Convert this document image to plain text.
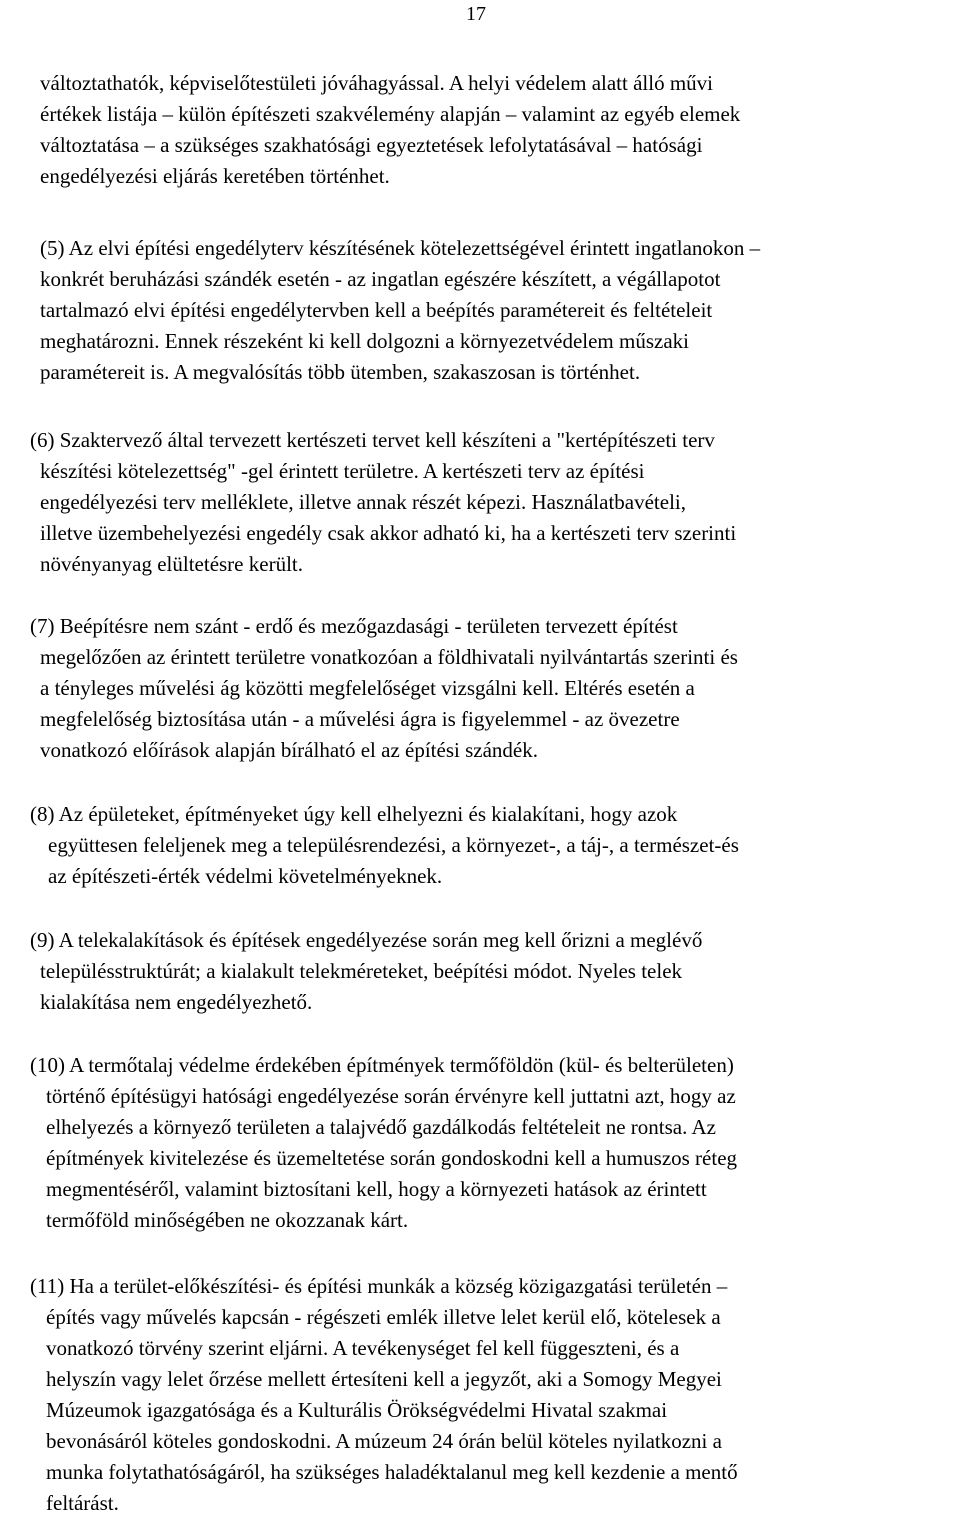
17
változtathatók, képviselőtestületi jóváhagyással. A helyi védelem alatt álló művi
értékek listája – külön építészeti szakvélemény alapján – valamint az egyéb elemek
változtatása – a szükséges szakhatósági egyeztetések lefolytatásával – hatósági
engedélyezési eljárás keretében történhet.
(5) Az elvi építési engedélyterv készítésének kötelezettségével érintett ingatlanokon –
konkrét beruházási szándék esetén - az ingatlan egészére készített, a végállapotot
tartalmazó elvi építési engedélytervben kell a beépítés paramétereit és feltételeit
meghatározni. Ennek részeként ki kell dolgozni a környezetvédelem műszaki
paramétereit is. A megvalósítás több ütemben, szakaszosan is történhet.
(6) Szaktervező által tervezett kertészeti tervet kell készíteni a "kertépítészeti terv
készítési kötelezettség" -gel érintett területre. A kertészeti terv az építési
engedélyezési terv melléklete, illetve annak részét képezi. Használatbavételi,
illetve üzembehelyezési engedély csak akkor adható ki, ha a kertészeti terv szerinti
növényanyag elültetésre került.
(7) Beépítésre nem szánt - erdő és mezőgazdasági - területen tervezett építést
megelőzően az érintett területre vonatkozóan a földhivatali nyilvántartás szerinti és
a tényleges művelési ág közötti megfelelőséget vizsgálni kell. Eltérés esetén a
megfelelőség biztosítása után - a művelési ágra is figyelemmel - az övezetre
vonatkozó előírások alapján bírálható el az építési szándék.
(8) Az épületeket, építményeket úgy kell elhelyezni és kialakítani, hogy azok
együttesen feleljenek meg a településrendezési, a környezet-, a táj-, a természet-és
az építészeti-érték védelmi követelményeknek.
(9) A telekalakítások és építések engedélyezése során meg kell őrizni a meglévő
településstruktúrát; a kialakult telekméreteket, beépítési módot. Nyeles telek
kialakítása nem engedélyezhető.
(10) A termőtalaj védelme érdekében építmények termőföldön (kül- és belterületen)
történő építésügyi hatósági engedélyezése során érvényre kell juttatni azt, hogy az
elhelyezés a környező területen a talajvédő gazdálkodás feltételeit ne rontsa. Az
építmények kivitelezése és üzemeltetése során gondoskodni kell a humuszos réteg
megmentéséről, valamint biztosítani kell, hogy a környezeti hatások az érintett
termőföld minőségében ne okozzanak kárt.
(11) Ha a terület-előkészítési- és építési munkák a község közigazgatási területén –
építés vagy művelés kapcsán - régészeti emlék illetve lelet kerül elő, kötelesek a
vonatkozó törvény szerint eljárni. A tevékenységet fel kell függeszteni, és a
helyszín vagy lelet őrzése mellett értesíteni kell a jegyzőt, aki a Somogy Megyei
Múzeumok igazgatósága és a Kulturális Örökségvédelmi Hivatal szakmai
bevonásáról köteles gondoskodni. A múzeum 24 órán belül köteles nyilatkozni a
munka folytathatóságáról, ha szükséges haladéktalanul meg kell kezdenie a mentő
feltárást.
